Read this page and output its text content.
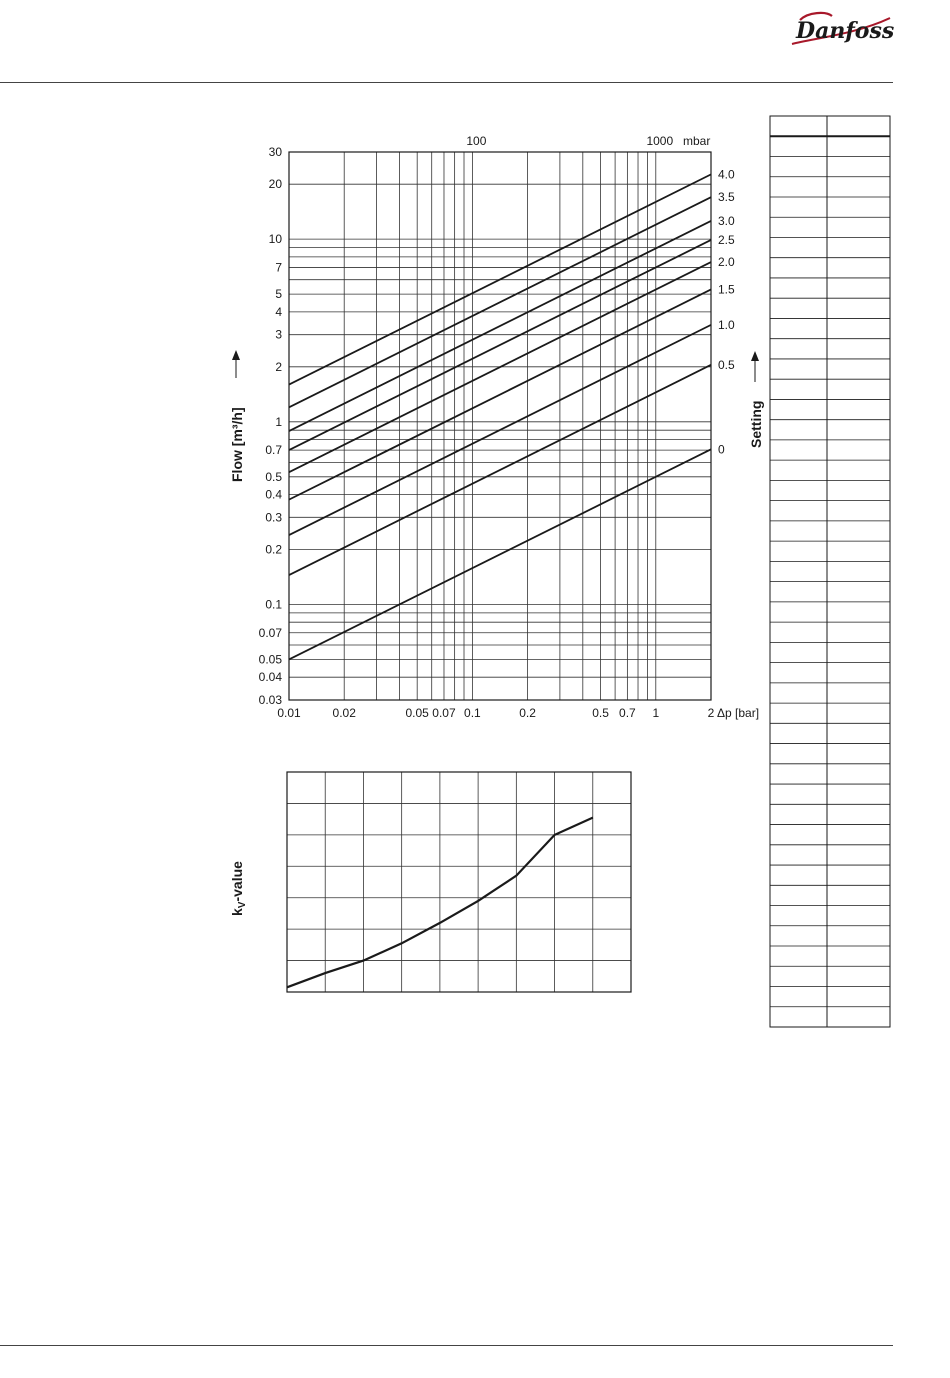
Danfoss
0
0.5
1.0
1.5
2.0
2.5
3.0
3.5
4.0
30
20
10
7
5
4
3
2
1
0.7
0.5
0.4
0.3
0.2
0.1
0.07
0.05
0.04
0.03
0.01	0.02	0.05 0.07 0.1	0.2	0.5 0.7 1	2
100	1000
Flow [m³/h]	Setting
Δp [bar]
mbar
$k_V$-value
